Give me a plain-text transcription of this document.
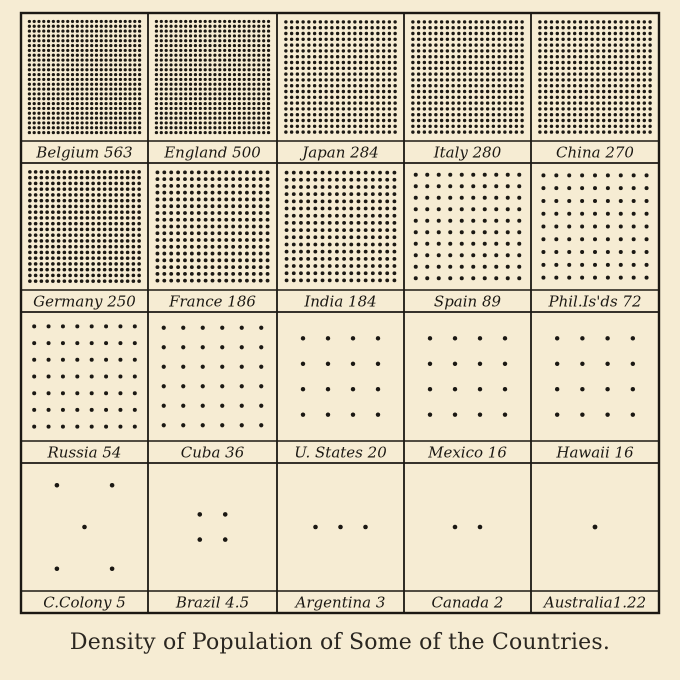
Belgium 563 England 500	Japan 284	Italy 280	China 270
Germany 250 France 186	India 184	Spain 89	Phil.Is'ds 72
Russia 54	Cuba 36	U. States 20	Mexico 16	Hawaii 16
C.Colony 5	Brazil 4.5	Argentina 3	Canada 2	Australia1.22
Density of Population of Some of the Countries.
